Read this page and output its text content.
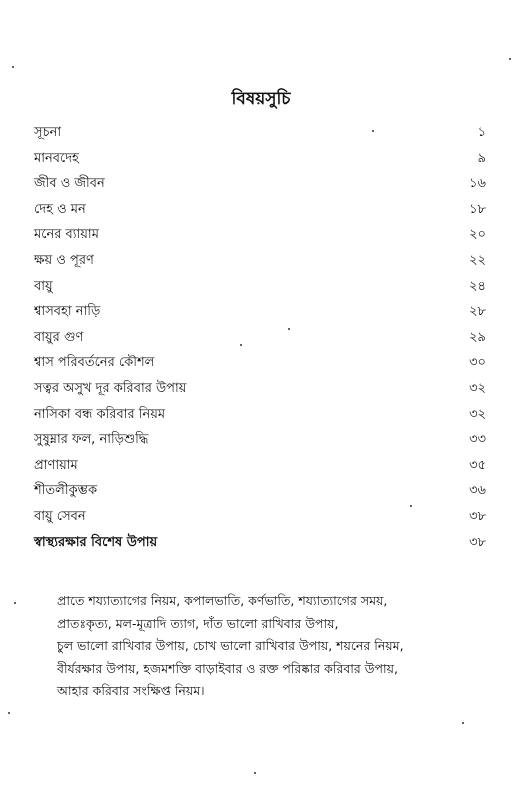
বিষয়সুচি
সূচনা	১
মানবদেহ	৯
জীব ও জীবন	১৬
দেহ ও মন	১৮
মনের ব্যায়াম	২০
ক্ষয় ও পূরণ	২২
বায়ু	২৪
শ্বাসবহা নাড়ি	২৮
বায়ুর গুণ	২৯
শ্বাস পরিবর্তনের কৌশল	৩০
সত্বর অসুখ দূর করিবার উপায়	৩২
নাসিকা বন্ধ করিবার নিয়ম	৩২
সুষুম্নার ফল, নাড়িশুদ্ধি	৩৩
প্রাণায়াম	৩৫
শীতলীকুম্ভক	৩৬
বায়ু সেবন	৩৮
স্বাস্থ্যরক্ষার বিশেষ উপায়	৩৮
প্রাতে শয্যাত্যাগের নিয়ম, কপালভাতি, কর্ণভাতি, শয্যাত্যাগের সময়,
প্রাতঃকৃত্য, মল-মূত্রাদি ত্যাগ, দাঁত ভালো রাখিবার উপায়,
চুল ভালো রাখিবার উপায়, চোখ ভালো রাখিবার উপায়, শয়নের নিয়ম,
বীর্যরক্ষার উপায়, হজমশক্তি বাড়াইবার ও রক্ত পরিষ্কার করিবার উপায়,
আহার করিবার সংক্ষিপ্ত নিয়ম।
